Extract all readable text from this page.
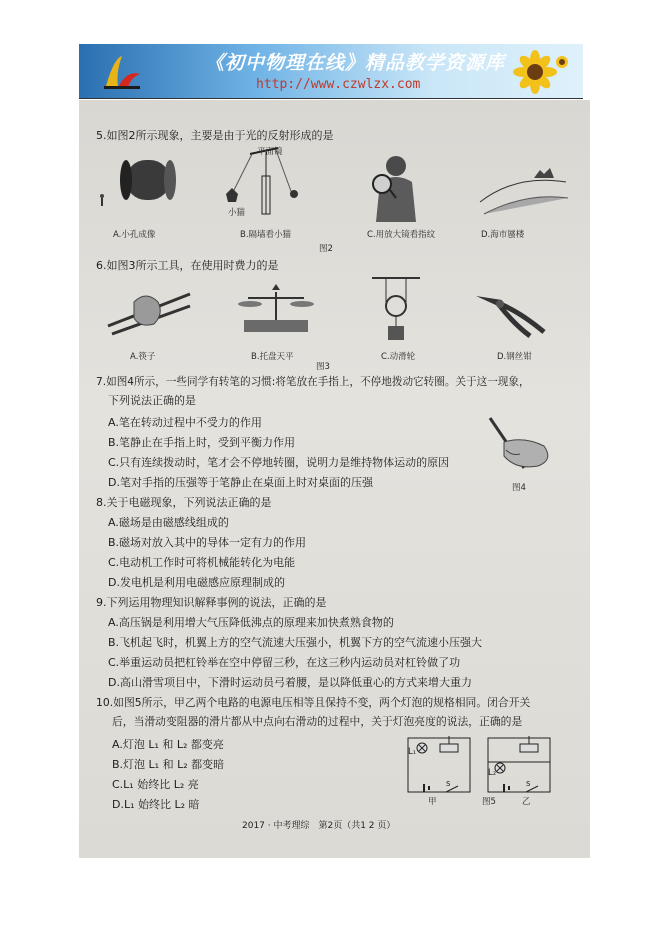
《初中物理在线》精品教学资源库
http://www.czwlzx.com
5.如图2所示现象，主要是由于光的反射形成的是
平面镜
小猫
A.小孔成像	B.隔墙看小猫	C.用放大镜看指纹	D.海市蜃楼
图2
6.如图3所示工具，在使用时费力的是
A.筷子	B.托盘天平	C.动滑轮	D.钢丝钳
图3
7.如图4所示，一些同学有转笔的习惯:将笔放在手指上，不停地拨动它转圈。关于这一现象，
下列说法正确的是
A.笔在转动过程中不受力的作用
B.笔静止在手指上时，受到平衡力作用
C.只有连续拨动时，笔才会不停地转圈，说明力是维持物体运动的原因
D.笔对手指的压强等于笔静止在桌面上时对桌面的压强	图4
8.关于电磁现象，下列说法正确的是
A.磁场是由磁感线组成的
B.磁场对放入其中的导体一定有力的作用
C.电动机工作时可将机械能转化为电能
D.发电机是利用电磁感应原理制成的
9.下列运用物理知识解释事例的说法，正确的是
A.高压锅是利用增大气压降低沸点的原理来加快煮熟食物的
B.飞机起飞时，机翼上方的空气流速大压强小，机翼下方的空气流速小压强大
C.举重运动员把杠铃举在空中停留三秒，在这三秒内运动员对杠铃做了功
D.高山滑雪项目中，下滑时运动员弓着腰，是以降低重心的方式来增大重力
10.如图5所示，甲乙两个电路的电源电压相等且保持不变，两个灯泡的规格相同。闭合开关
后，当滑动变阻器的滑片都从中点向右滑动的过程中，关于灯泡亮度的说法，正确的是
A.灯泡 L₁ 和 L₂ 都变亮
B.灯泡 L₁ 和 L₂ 都变暗
C.L₁ 始终比 L₂ 亮
D.L₁ 始终比 L₂ 暗
L₁
s
甲
L₂
s
乙
图5
2017 · 中考理综　第2页（共1 2 页）
